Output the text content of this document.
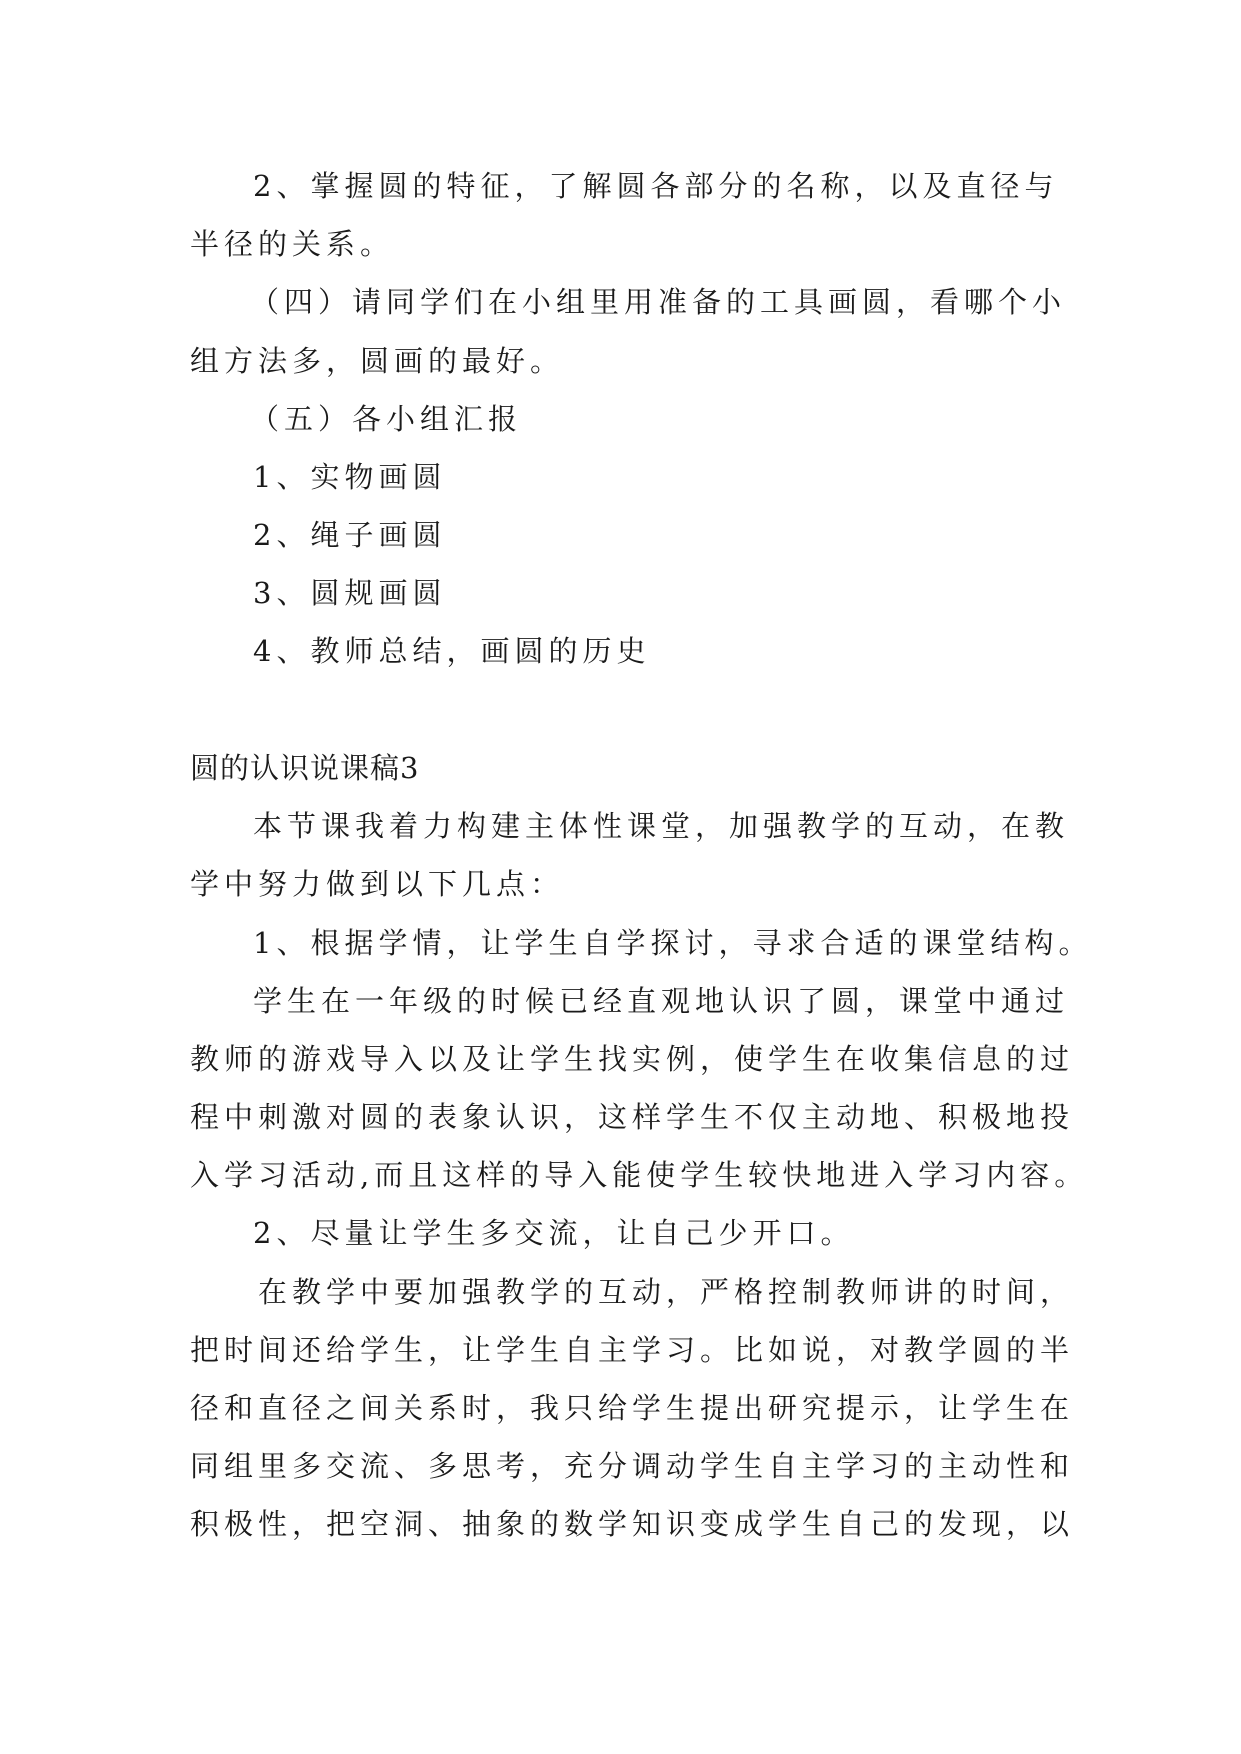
2、掌握圆的特征，了解圆各部分的名称，以及直径与
半径的关系。
（四）请同学们在小组里用准备的工具画圆，看哪个小
组方法多，圆画的最好。
（五）各小组汇报
1、实物画圆
2、绳子画圆
3、圆规画圆
4、教师总结，画圆的历史
圆的认识说课稿3
本节课我着力构建主体性课堂，加强教学的互动，在教
学中努力做到以下几点：
1、根据学情，让学生自学探讨，寻求合适的课堂结构。
学生在一年级的时候已经直观地认识了圆，课堂中通过
教师的游戏导入以及让学生找实例，使学生在收集信息的过
程中刺激对圆的表象认识，这样学生不仅主动地、积极地投
入学习活动,而且这样的导入能使学生较快地进入学习内容。
2、尽量让学生多交流，让自己少开口。
在教学中要加强教学的互动，严格控制教师讲的时间，
把时间还给学生，让学生自主学习。比如说，对教学圆的半
径和直径之间关系时，我只给学生提出研究提示，让学生在
同组里多交流、多思考，充分调动学生自主学习的主动性和
积极性，把空洞、抽象的数学知识变成学生自己的发现，以
